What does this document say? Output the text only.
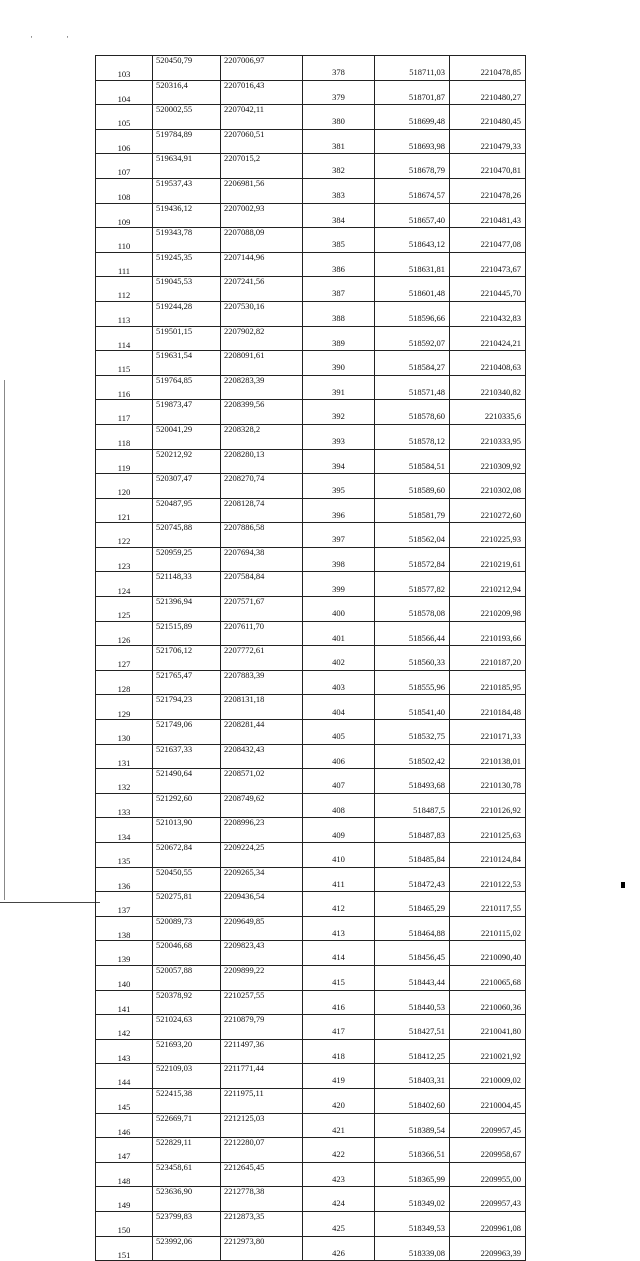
·	·
103	520450,79	2207006,97	378	518711,03	2210478,85
104	520316,4	2207016,43	379	518701,87	2210480,27
105	520002,55	2207042,11	380	518699,48	2210480,45
106	519784,89	2207060,51	381	518693,98	2210479,33
107	519634,91	2207015,2	382	518678,79	2210470,81
108	519537,43	2206981,56	383	518674,57	2210478,26
109	519436,12	2207002,93	384	518657,40	2210481,43
110	519343,78	2207088,09	385	518643,12	2210477,08
111	519245,35	2207144,96	386	518631,81	2210473,67
112	519045,53	2207241,56	387	518601,48	2210445,70
113	519244,28	2207530,16	388	518596,66	2210432,83
114	519501,15	2207902,82	389	518592,07	2210424,21
115	519631,54	2208091,61	390	518584,27	2210408,63
116	519764,85	2208283,39	391	518571,48	2210340,82
117	519873,47	2208399,56	392	518578,60	2210335,6
118	520041,29	2208328,2	393	518578,12	2210333,95
119	520212,92	2208280,13	394	518584,51	2210309,92
120	520307,47	2208270,74	395	518589,60	2210302,08
121	520487,95	2208128,74	396	518581,79	2210272,60
122	520745,88	2207886,58	397	518562,04	2210225,93
123	520959,25	2207694,38	398	518572,84	2210219,61
124	521148,33	2207584,84	399	518577,82	2210212,94
125	521396,94	2207571,67	400	518578,08	2210209,98
126	521515,89	2207611,70	401	518566,44	2210193,66
127	521706,12	2207772,61	402	518560,33	2210187,20
128	521765,47	2207883,39	403	518555,96	2210185,95
129	521794,23	2208131,18	404	518541,40	2210184,48
130	521749,06	2208281,44	405	518532,75	2210171,33
131	521637,33	2208432,43	406	518502,42	2210138,01
132	521490,64	2208571,02	407	518493,68	2210130,78
133	521292,60	2208749,62	408	518487,5	2210126,92
134	521013,90	2208996,23	409	518487,83	2210125,63
135	520672,84	2209224,25	410	518485,84	2210124,84
136	520450,55	2209265,34	411	518472,43	2210122,53
137	520275,81	2209436,54	412	518465,29	2210117,55
138	520089,73	2209649,85	413	518464,88	2210115,02
139	520046,68	2209823,43	414	518456,45	2210090,40
140	520057,88	2209899,22	415	518443,44	2210065,68
141	520378,92	2210257,55	416	518440,53	2210060,36
142	521024,63	2210879,79	417	518427,51	2210041,80
143	521693,20	2211497,36	418	518412,25	2210021,92
144	522109,03	2211771,44	419	518403,31	2210009,02
145	522415,38	2211975,11	420	518402,60	2210004,45
146	522669,71	2212125,03	421	518389,54	2209957,45
147	522829,11	2212280,07	422	518366,51	2209958,67
148	523458,61	2212645,45	423	518365,99	2209955,00
149	523636,90	2212778,38	424	518349,02	2209957,43
150	523799,83	2212873,35	425	518349,53	2209961,08
151	523992,06	2212973,80	426	518339,08	2209963,39
